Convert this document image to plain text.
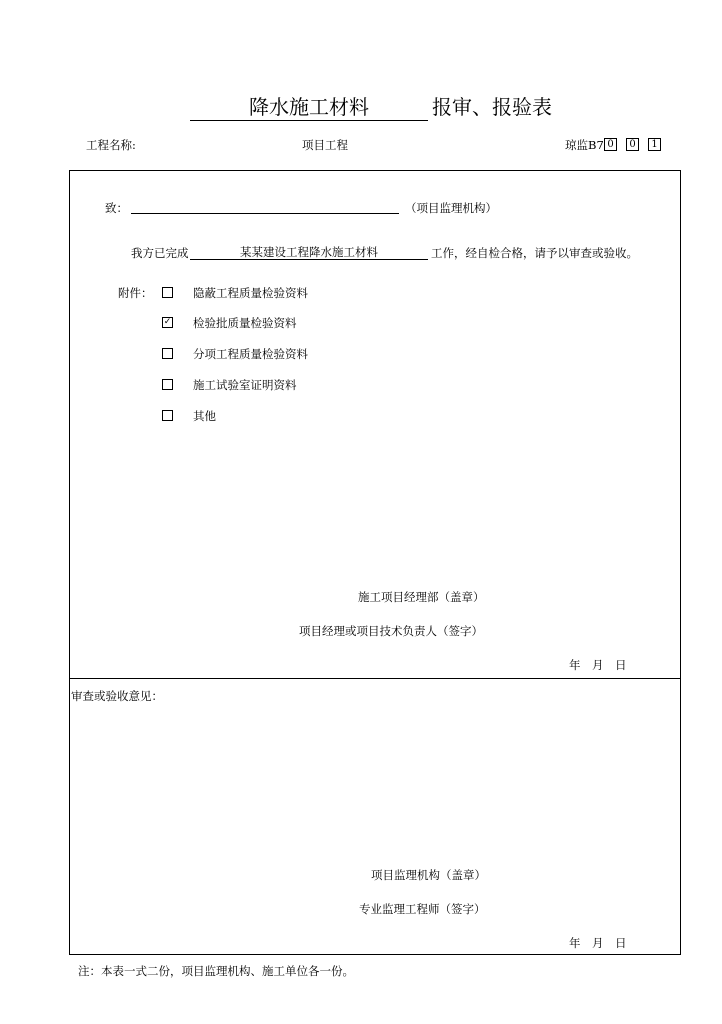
降水施工材料	报审、报验表
工程名称:	项目工程	琼监B7 0	0	1
致：	（项目监理机构）
我方已完成	某某建设工程降水施工材料	工作，经自检合格，请予以审查或验收。
附件：	隐蔽工程质量检验资料
✓ 检验批质量检验资料
分项工程质量检验资料
施工试验室证明资料
其他
施工项目经理部（盖章）
项目经理或项目技术负责人（签字）
年　月　日
审查或验收意见：
项目监理机构（盖章）
专业监理工程师（签字）
年　月　日
注：本表一式二份，项目监理机构、施工单位各一份。
